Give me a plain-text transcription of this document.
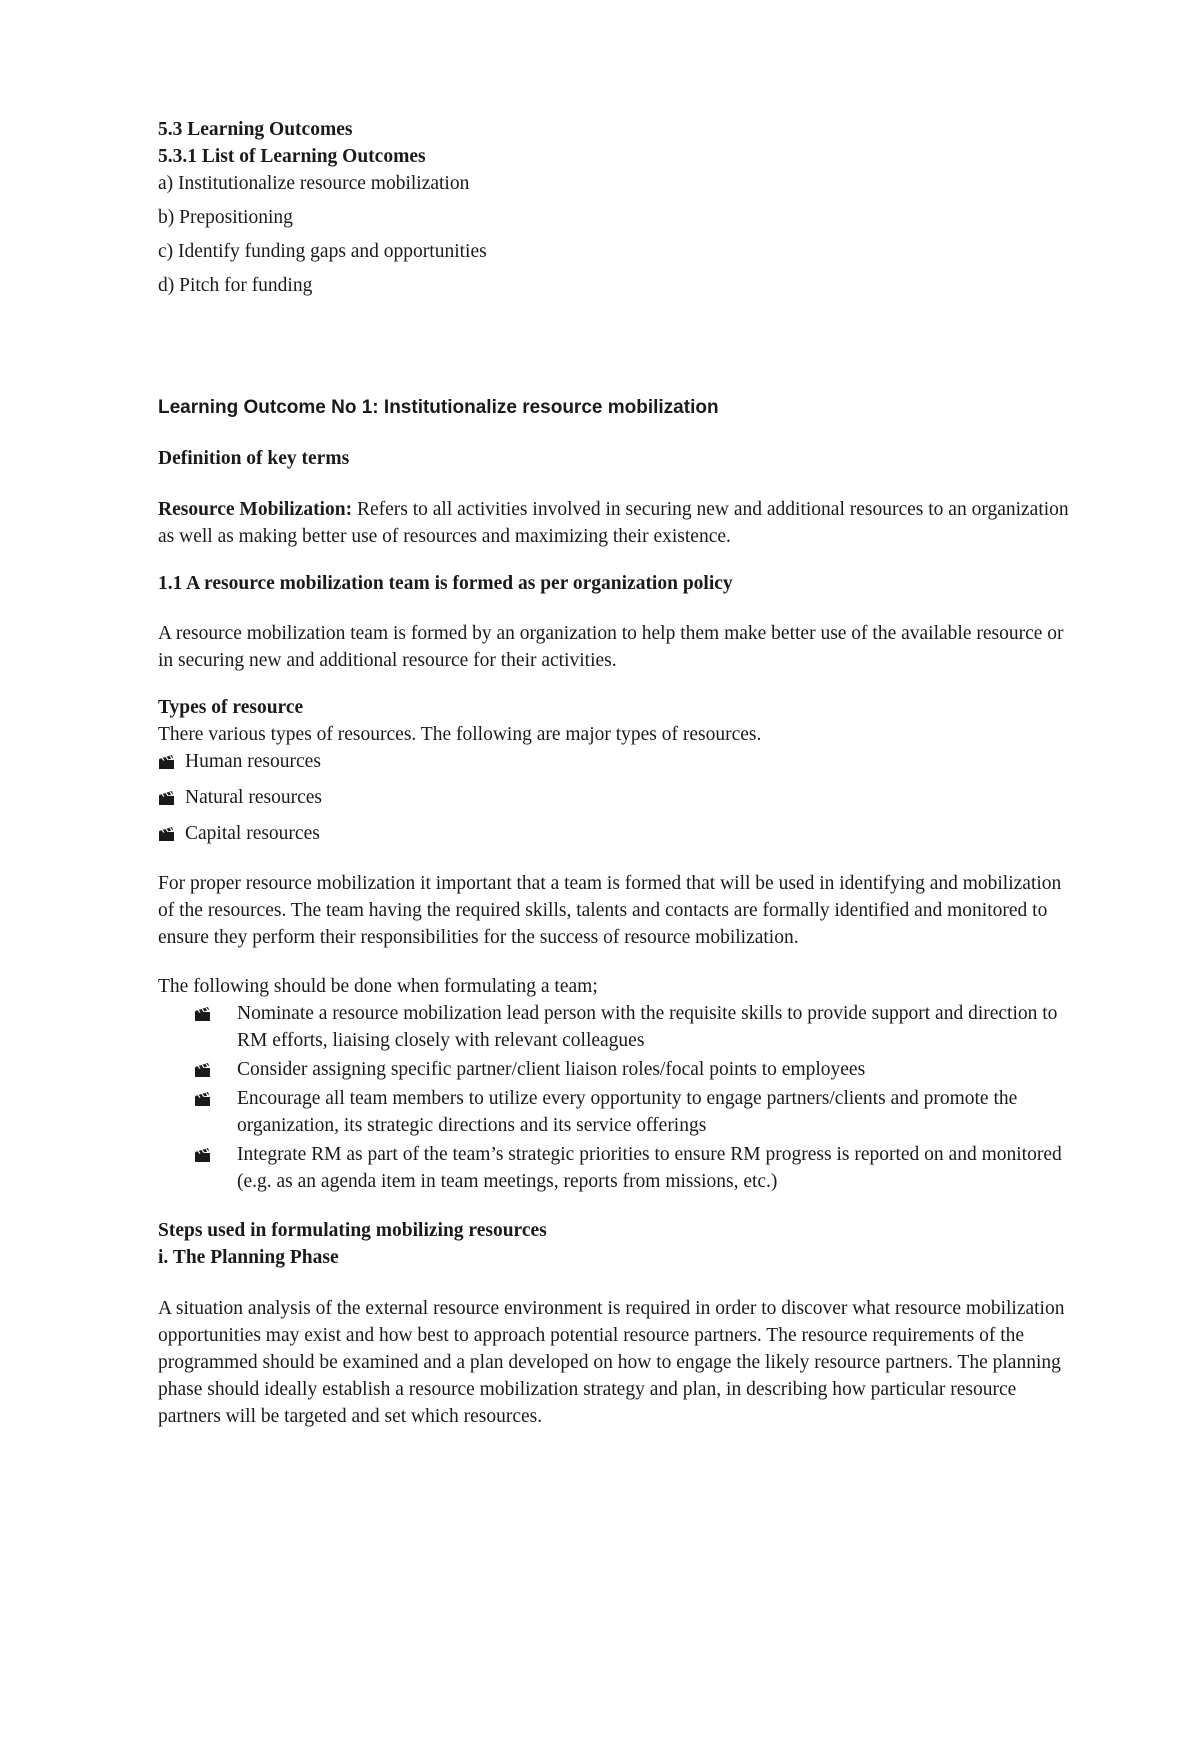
5.3 Learning Outcomes
5.3.1 List of Learning Outcomes
a) Institutionalize resource mobilization
b) Prepositioning
c) Identify funding gaps and opportunities
d) Pitch for funding
Learning Outcome No 1: Institutionalize resource mobilization
Definition of key terms

Resource Mobilization: Refers to all activities involved in securing new and additional resources to an organization as well as making better use of resources and maximizing their existence.

1.1 A resource mobilization team is formed as per organization policy

A resource mobilization team is formed by an organization to help them make better use of the available resource or in securing new and additional resource for their activities.

Types of resource
There various types of resources. The following are major types of resources.
Human resources
Natural resources
Capital resources

For proper resource mobilization it important that a team is formed that will be used in identifying and mobilization of the resources. The team having the required skills, talents and contacts are formally identified and monitored to ensure they perform their responsibilities for the success of resource mobilization.

The following should be done when formulating a team;
Nominate a resource mobilization lead person with the requisite skills to provide support and direction to RM efforts, liaising closely with relevant colleagues
Consider assigning specific partner/client liaison roles/focal points to employees
Encourage all team members to utilize every opportunity to engage partners/clients and promote the organization, its strategic directions and its service offerings
Integrate RM as part of the team’s strategic priorities to ensure RM progress is reported on and monitored (e.g. as an agenda item in team meetings, reports from missions, etc.)
Steps used in formulating mobilizing resources
i. The Planning Phase

A situation analysis of the external resource environment is required in order to discover what resource mobilization opportunities may exist and how best to approach potential resource partners. The resource requirements of the programmed should be examined and a plan developed on how to engage the likely resource partners. The planning phase should ideally establish a resource mobilization strategy and plan, in describing how particular resource partners will be targeted and set which resources.
